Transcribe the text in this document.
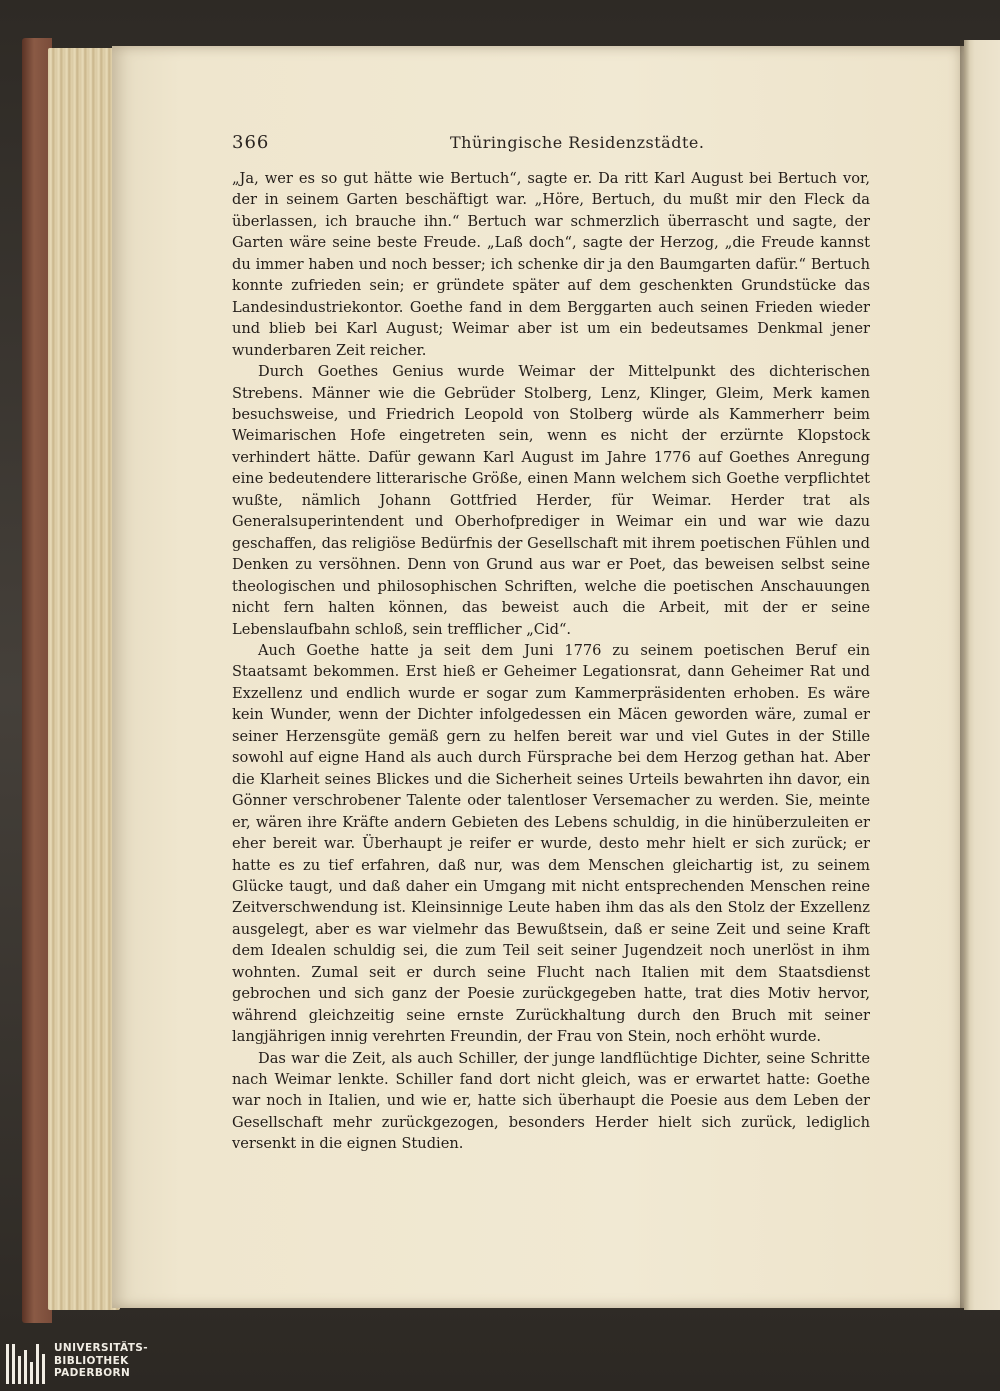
366	Thüringische Residenzstädte.

„Ja, wer es so gut hätte wie Bertuch“, sagte er. Da ritt Karl August bei Bertuch vor, der in seinem Garten beschäftigt war. „Höre, Bertuch, du mußt mir den Fleck da überlassen, ich brauche ihn.“ Bertuch war schmerzlich überrascht und sagte, der Garten wäre seine beste Freude. „Laß doch“, sagte der Herzog, „die Freude kannst du immer haben und noch besser; ich schenke dir ja den Baumgarten dafür.“ Bertuch konnte zufrieden sein; er gründete später auf dem geschenkten Grundstücke das Landesindustriekontor. Goethe fand in dem Berggarten auch seinen Frieden wieder und blieb bei Karl August; Weimar aber ist um ein bedeutsames Denkmal jener wunderbaren Zeit reicher.

Durch Goethes Genius wurde Weimar der Mittelpunkt des dichterischen Strebens. Männer wie die Gebrüder Stolberg, Lenz, Klinger, Gleim, Merk kamen besuchsweise, und Friedrich Leopold von Stolberg würde als Kammerherr beim Weimarischen Hofe eingetreten sein, wenn es nicht der erzürnte Klopstock verhindert hätte. Dafür gewann Karl August im Jahre 1776 auf Goethes Anregung eine bedeutendere litterarische Größe, einen Mann welchem sich Goethe verpflichtet wußte, nämlich Johann Gottfried Herder, für Weimar. Herder trat als Generalsuperintendent und Oberhofprediger in Weimar ein und war wie dazu geschaffen, das religiöse Bedürfnis der Gesellschaft mit ihrem poetischen Fühlen und Denken zu versöhnen. Denn von Grund aus war er Poet, das beweisen selbst seine theologischen und philosophischen Schriften, welche die poetischen Anschauungen nicht fern halten können, das beweist auch die Arbeit, mit der er seine Lebenslaufbahn schloß, sein trefflicher „Cid“.

Auch Goethe hatte ja seit dem Juni 1776 zu seinem poetischen Beruf ein Staatsamt bekommen. Erst hieß er Geheimer Legationsrat, dann Geheimer Rat und Exzellenz und endlich wurde er sogar zum Kammerpräsidenten erhoben. Es wäre kein Wunder, wenn der Dichter infolgedessen ein Mäcen geworden wäre, zumal er seiner Herzensgüte gemäß gern zu helfen bereit war und viel Gutes in der Stille sowohl auf eigne Hand als auch durch Fürsprache bei dem Herzog gethan hat. Aber die Klarheit seines Blickes und die Sicherheit seines Urteils bewahrten ihn davor, ein Gönner verschrobener Talente oder talentloser Versemacher zu werden. Sie, meinte er, wären ihre Kräfte andern Gebieten des Lebens schuldig, in die hinüberzuleiten er eher bereit war. Überhaupt je reifer er wurde, desto mehr hielt er sich zurück; er hatte es zu tief erfahren, daß nur, was dem Menschen gleichartig ist, zu seinem Glücke taugt, und daß daher ein Umgang mit nicht entsprechenden Menschen reine Zeitverschwendung ist. Kleinsinnige Leute haben ihm das als den Stolz der Exzellenz ausgelegt, aber es war vielmehr das Bewußtsein, daß er seine Zeit und seine Kraft dem Idealen schuldig sei, die zum Teil seit seiner Jugendzeit noch unerlöst in ihm wohnten. Zumal seit er durch seine Flucht nach Italien mit dem Staatsdienst gebrochen und sich ganz der Poesie zurückgegeben hatte, trat dies Motiv hervor, während gleichzeitig seine ernste Zurückhaltung durch den Bruch mit seiner langjährigen innig verehrten Freundin, der Frau von Stein, noch erhöht wurde.

Das war die Zeit, als auch Schiller, der junge landflüchtige Dichter, seine Schritte nach Weimar lenkte. Schiller fand dort nicht gleich, was er erwartet hatte: Goethe war noch in Italien, und wie er, hatte sich überhaupt die Poesie aus dem Leben der Gesellschaft mehr zurückgezogen, besonders Herder hielt sich zurück, lediglich versenkt in die eignen Studien.

UNIVERSITÄTS-
BIBLIOTHEK
PADERBORN
